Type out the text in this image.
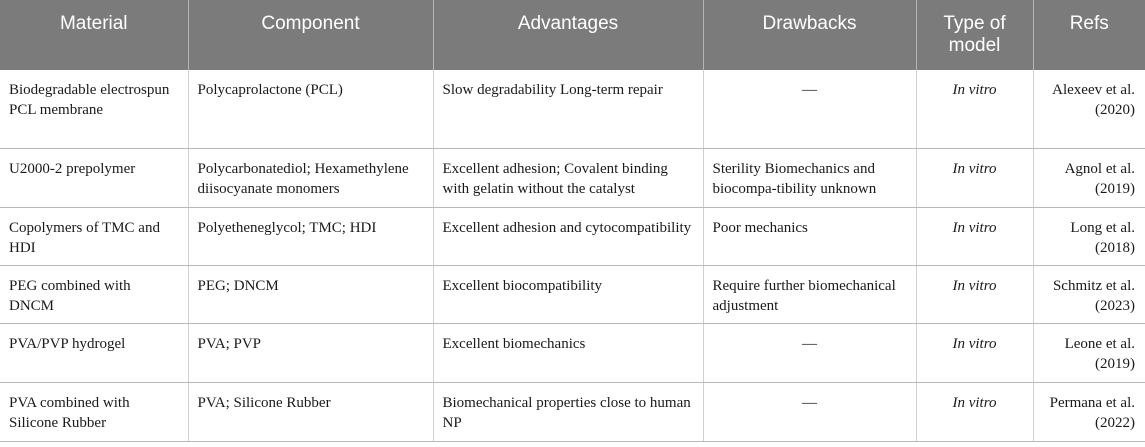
Material	Component	Advantages	Drawbacks	Type of model	Refs
Biodegradable electrospun PCL membrane	Polycaprolactone (PCL)	Slow degradability Long-term repair	—	In vitro	Alexeev et al. (2020)
U2000-2 prepolymer	Polycarbonatediol; Hexamethylene diisocyanate monomers	Excellent adhesion; Covalent binding with gelatin without the catalyst	Sterility Biomechanics and biocompa-tibility unknown	In vitro	Agnol et al. (2019)
Copolymers of TMC and HDI	Polyetheneglycol; TMC; HDI	Excellent adhesion and cytocompatibility	Poor mechanics	In vitro	Long et al. (2018)
PEG combined with DNCM	PEG; DNCM	Excellent biocompatibility	Require further biomechanical adjustment	In vitro	Schmitz et al. (2023)
PVA/PVP hydrogel	PVA; PVP	Excellent biomechanics	—	In vitro	Leone et al. (2019)
PVA combined with Silicone Rubber	PVA; Silicone Rubber	Biomechanical properties close to human NP	—	In vitro	Permana et al. (2022)
